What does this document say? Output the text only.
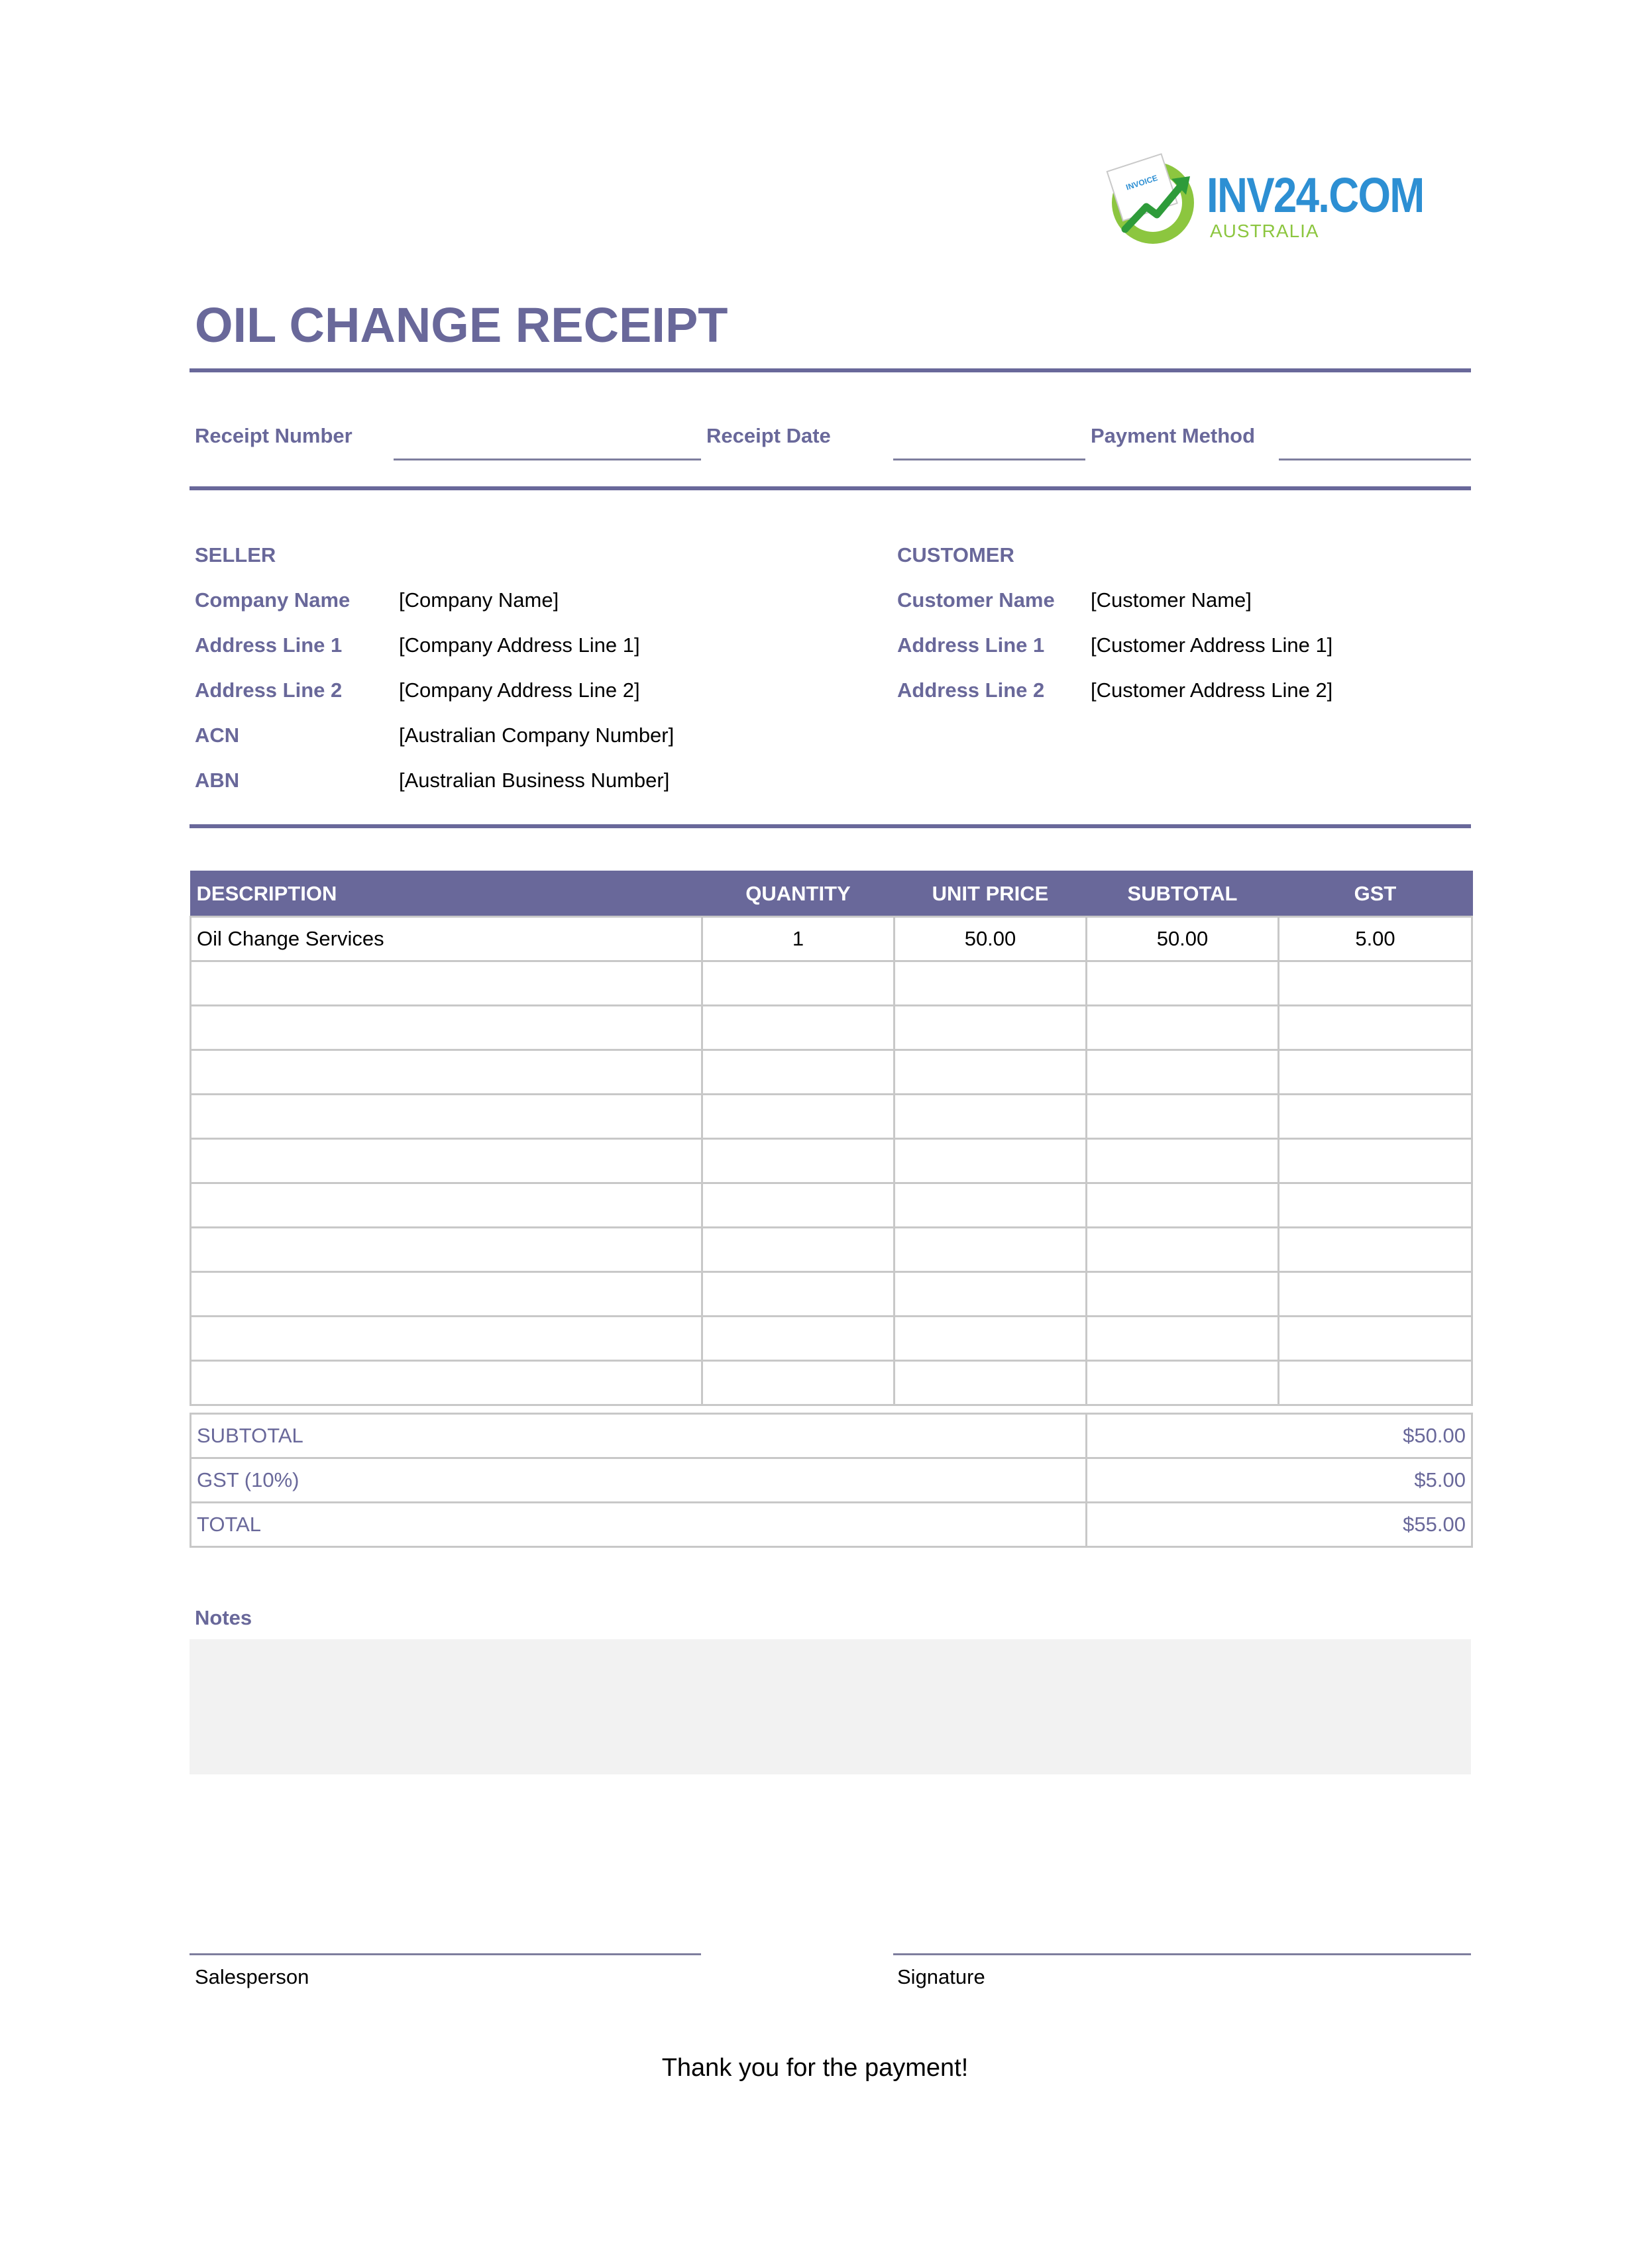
INVOICE INV24.COM
AUSTRALIA
OIL CHANGE RECEIPT
Receipt Number	Receipt Date	Payment Method
SELLER
Company Name [Company Name]
Address Line 1	[Company Address Line 1]
Address Line 2	[Company Address Line 2]
ACN	[Australian Company Number]
ABN	[Australian Business Number]
CUSTOMER
Customer Name [Customer Name]
Address Line 1 [Customer Address Line 1]
Address Line 2 [Customer Address Line 2]
DESCRIPTION	QUANTITY	UNIT PRICE	SUBTOTAL	GST
Oil Change Services	1	50.00	50.00	5.00

SUBTOTAL	$50.00
GST (10%)	$5.00
TOTAL	$55.00
Notes
Salesperson	Signature
Thank you for the payment!
